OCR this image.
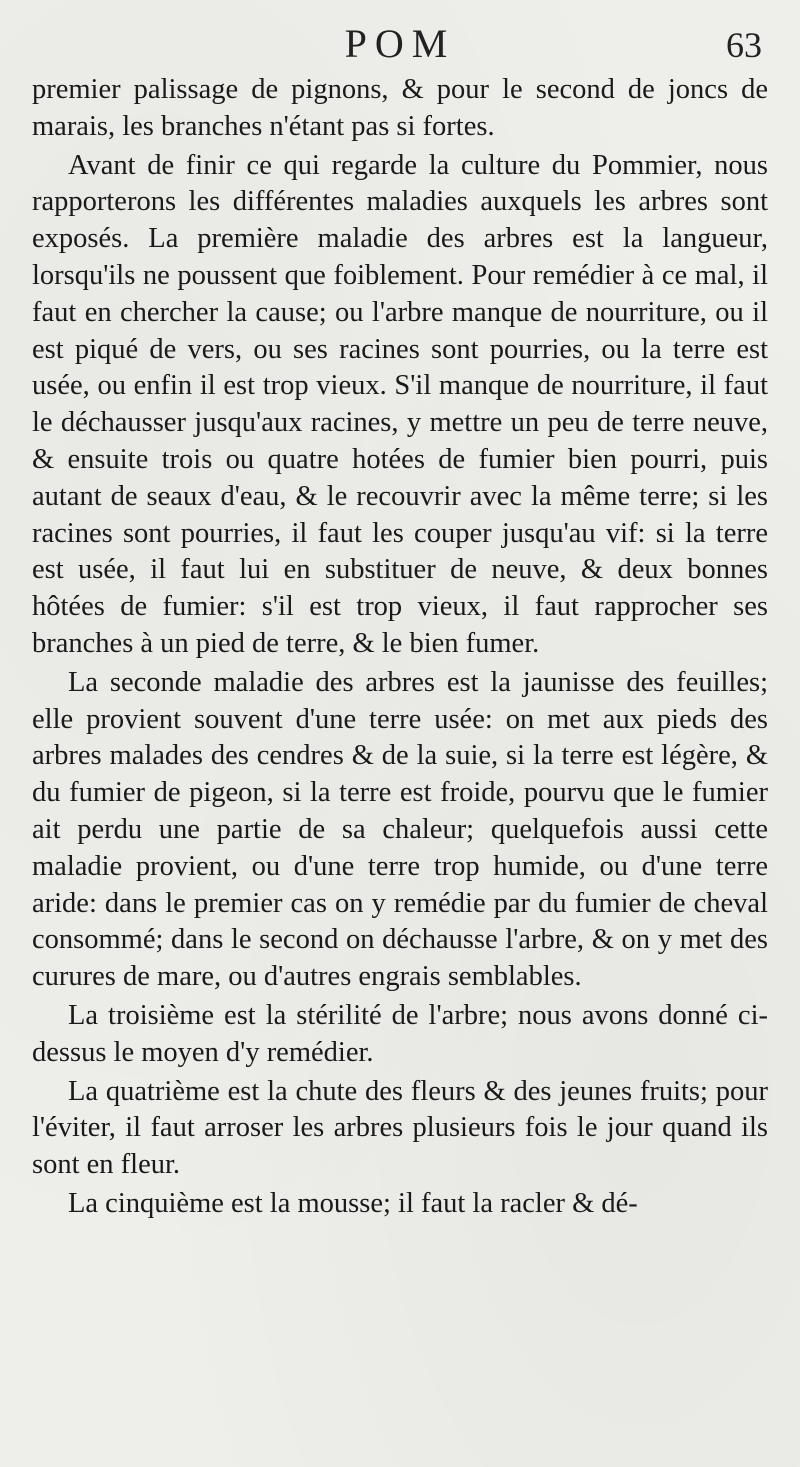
POM	63

premier palissage de pignons, & pour le second de joncs de marais, les branches n'étant pas si fortes.

Avant de finir ce qui regarde la culture du Pommier, nous rapporterons les différentes maladies auxquels les arbres sont exposés. La première maladie des arbres est la langueur, lorsqu'ils ne poussent que foiblement. Pour remédier à ce mal, il faut en chercher la cause; ou l'arbre manque de nourriture, ou il est piqué de vers, ou ses racines sont pourries, ou la terre est usée, ou enfin il est trop vieux. S'il manque de nourriture, il faut le déchausser jusqu'aux racines, y mettre un peu de terre neuve, & ensuite trois ou quatre hotées de fumier bien pourri, puis autant de seaux d'eau, & le recouvrir avec la même terre; si les racines sont pourries, il faut les couper jusqu'au vif: si la terre est usée, il faut lui en substituer de neuve, & deux bonnes hôtées de fumier: s'il est trop vieux, il faut rapprocher ses branches à un pied de terre, & le bien fumer.

La seconde maladie des arbres est la jaunisse des feuilles; elle provient souvent d'une terre usée: on met aux pieds des arbres malades des cendres & de la suie, si la terre est légère, & du fumier de pigeon, si la terre est froide, pourvu que le fumier ait perdu une partie de sa chaleur; quelquefois aussi cette maladie provient, ou d'une terre trop humide, ou d'une terre aride: dans le premier cas on y remédie par du fumier de cheval consommé; dans le second on déchausse l'arbre, & on y met des curures de mare, ou d'autres engrais semblables.

La troisième est la stérilité de l'arbre; nous avons donné ci-dessus le moyen d'y remédier.

La quatrième est la chute des fleurs & des jeunes fruits; pour l'éviter, il faut arroser les arbres plusieurs fois le jour quand ils sont en fleur.

La cinquième est la mousse; il faut la racler & dé-
